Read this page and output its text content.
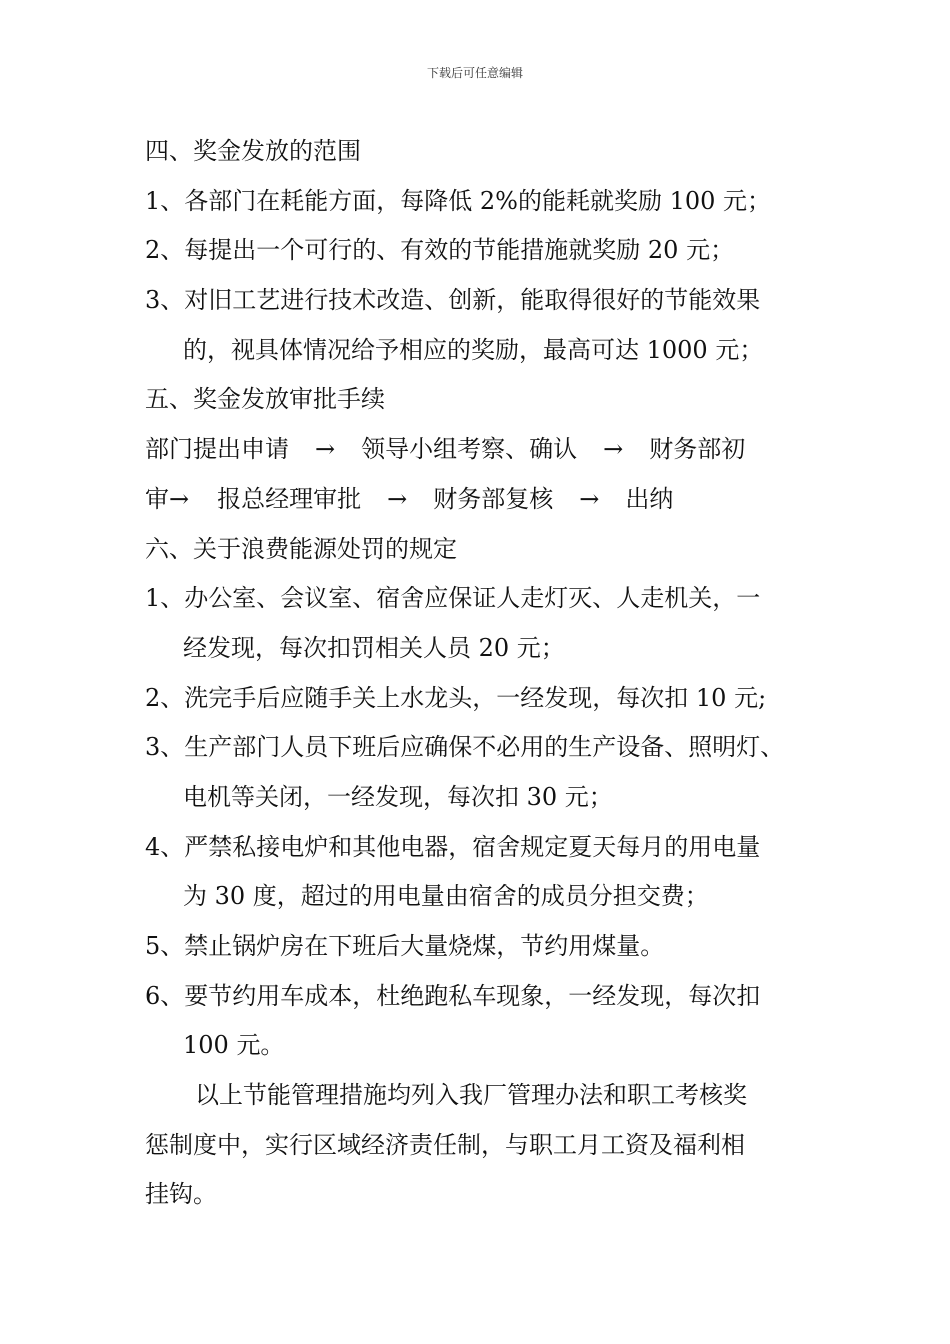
下载后可任意编辑
四、奖金发放的范围
1、各部门在耗能方面，每降低 2%的能耗就奖励 100 元；
2、每提出一个可行的、有效的节能措施就奖励 20 元；
3、对旧工艺进行技术改造、创新，能取得很好的节能效果
的，视具体情况给予相应的奖励，最高可达 1000 元；
五、奖金发放审批手续
部门提出申请 → 领导小组考察、确认 → 财务部初
审→ 报总经理审批 → 财务部复核 → 出纳
六、关于浪费能源处罚的规定
1、办公室、会议室、宿舍应保证人走灯灭、人走机关，一
经发现，每次扣罚相关人员 20 元；
2、洗完手后应随手关上水龙头，一经发现，每次扣 10 元;
3、生产部门人员下班后应确保不必用的生产设备、照明灯、
电机等关闭，一经发现，每次扣 30 元；
4、严禁私接电炉和其他电器，宿舍规定夏天每月的用电量
为 30 度，超过的用电量由宿舍的成员分担交费；
5、禁止锅炉房在下班后大量烧煤，节约用煤量。
6、要节约用车成本，杜绝跑私车现象，一经发现，每次扣
100 元。
以上节能管理措施均列入我厂管理办法和职工考核奖
惩制度中，实行区域经济责任制，与职工月工资及福利相
挂钩。
